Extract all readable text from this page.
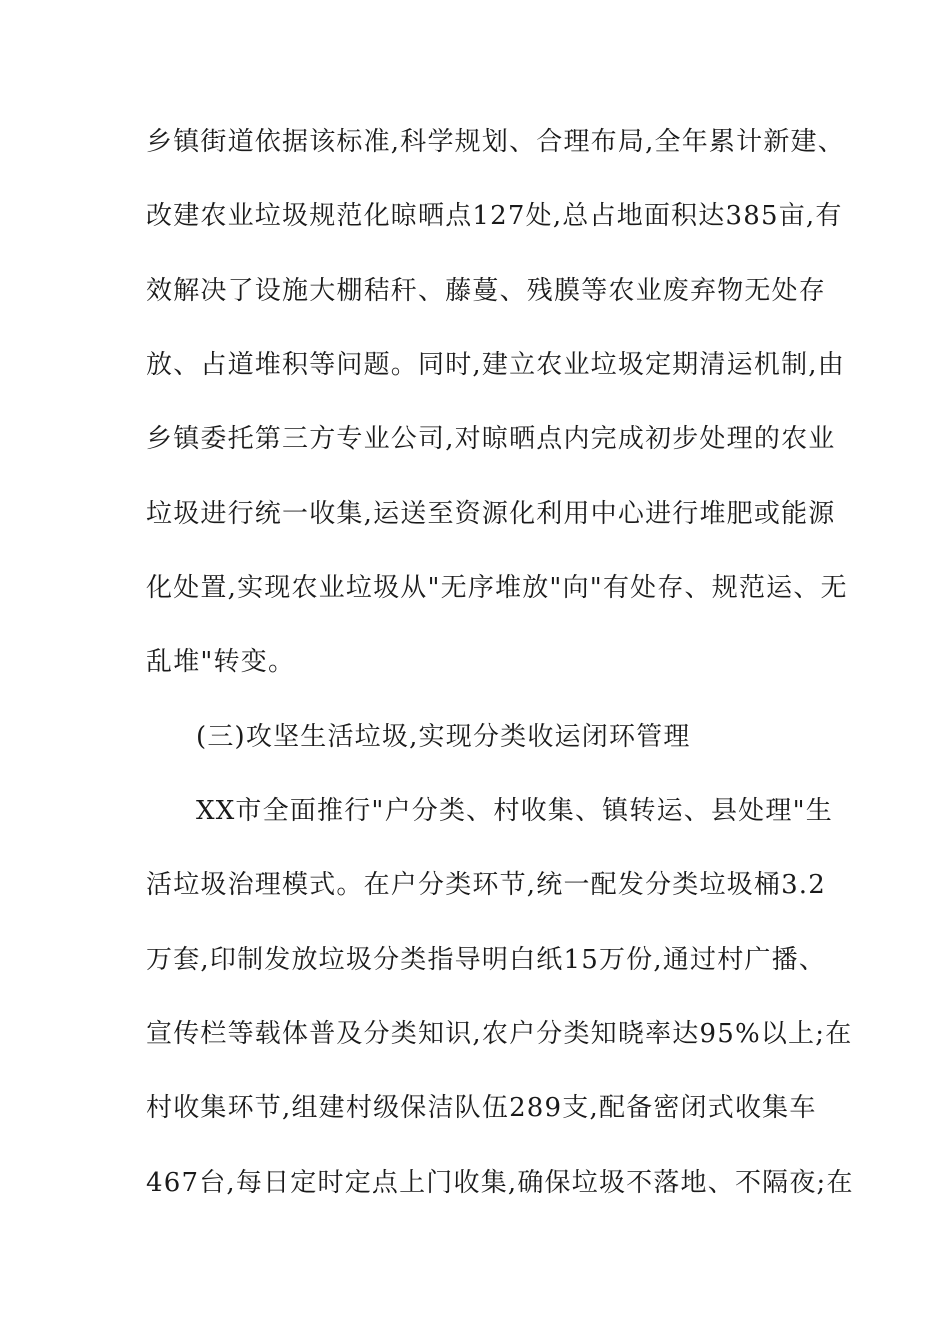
乡镇街道依据该标准,科学规划、合理布局,全年累计新建、
改建农业垃圾规范化晾晒点127处,总占地面积达385亩,有
效解决了设施大棚秸秆、藤蔓、残膜等农业废弃物无处存
放、占道堆积等问题。同时,建立农业垃圾定期清运机制,由
乡镇委托第三方专业公司,对晾晒点内完成初步处理的农业
垃圾进行统一收集,运送至资源化利用中心进行堆肥或能源
化处置,实现农业垃圾从"无序堆放"向"有处存、规范运、无
乱堆"转变。
(三)攻坚生活垃圾,实现分类收运闭环管理
XX市全面推行"户分类、村收集、镇转运、县处理"生
活垃圾治理模式。在户分类环节,统一配发分类垃圾桶3.2
万套,印制发放垃圾分类指导明白纸15万份,通过村广播、
宣传栏等载体普及分类知识,农户分类知晓率达95%以上;在
村收集环节,组建村级保洁队伍289支,配备密闭式收集车
467台,每日定时定点上门收集,确保垃圾不落地、不隔夜;在
